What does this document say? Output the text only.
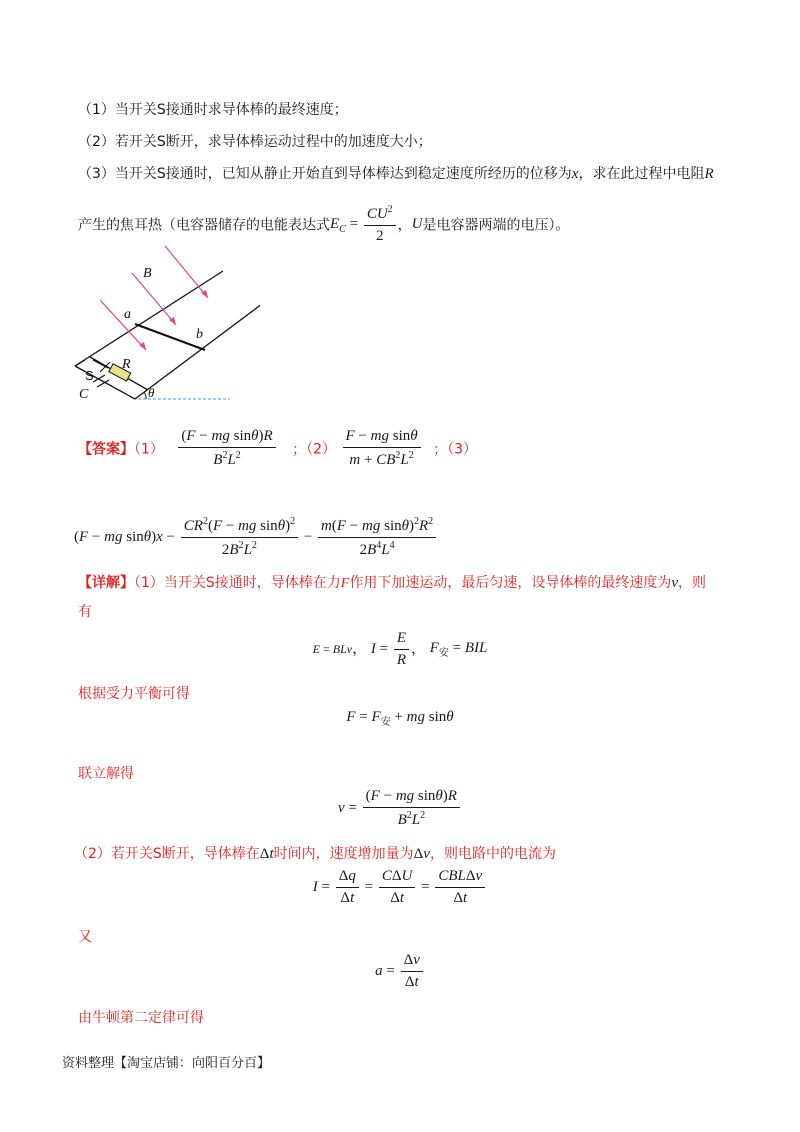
（1）当开关S接通时求导体棒的最终速度；
（2）若开关S断开，求导体棒运动过程中的加速度大小；
（3）当开关S接通时，已知从静止开始直到导体棒达到稳定速度所经历的位移为x，求在此过程中电阻R
产生的焦耳热（电容器储存的电能表达式$E_C = \frac{CU^2}{2}$ ，U是电容器两端的电压）。
B
a
b
S
R
C	θ
【答案】$(1) \frac{\text{(F − mg sinθ)R}}{B^2L^2}$ ；$(2) \frac{\text{F − mg sinθ}}{m + CB^2L^2}$ ；（3）
(F − mg $\sin\theta)x - \frac{CR^2(F - mg \sin\theta)^2}{2B^2L^2} - \frac{m(F - mg \sin\theta)^2R^2}{2B^4L^4}$
【详解】（1）当开关S接通时，导体棒在力F作用下加速运动，最后匀速，设导体棒的最终速度为v，则
有
E = BLv， $I = \frac{E}{R}$ ， $F_安$ = BIL
根据受力平衡可得
$F = F_安$ + mg sinθ
联立解得
$v = \frac{\text{(F − mg sinθ)R}}{B^2L^2}$
（2）若开关S断开，导体棒在Δt时间内，速度增加量为Δv，则电路中的电流为
$I = \frac{\Delta q}{\Delta t} = \frac{\text{CΔU}}{\Delta t} = \frac{\text{CBLΔv}}{\Delta t}$
又
$a = \frac{\Delta v}{\Delta t}$
由牛顿第二定律可得
资料整理【淘宝店铺：向阳百分百】
